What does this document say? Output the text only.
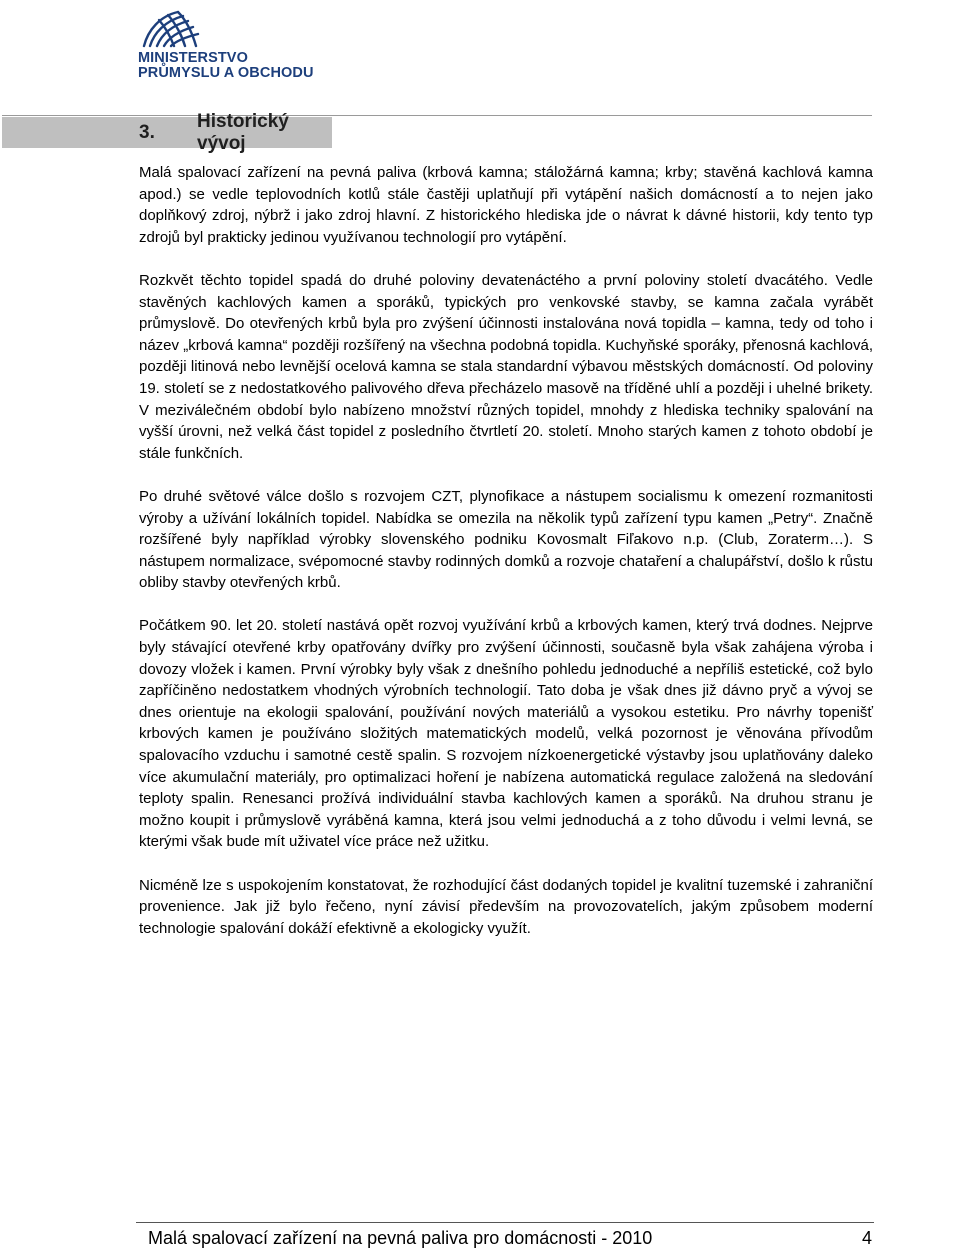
MINISTERSTVO
PRŮMYSLU A OBCHODU
3.
Historický vývoj

Malá spalovací zařízení na pevná paliva (krbová kamna; stáložárná kamna; krby; stavěná kachlová kamna apod.) se vedle teplovodních kotlů stále častěji uplatňují při vytápění našich domácností a to nejen jako doplňkový zdroj, nýbrž i jako zdroj hlavní. Z historického hlediska jde o návrat k dávné historii, kdy tento typ zdrojů byl prakticky jedinou využívanou technologií pro vytápění.

Rozkvět těchto topidel spadá do druhé poloviny devatenáctého a první poloviny století dvacátého. Vedle stavěných kachlových kamen a sporáků, typických pro venkovské stavby, se kamna začala vyrábět průmyslově. Do otevřených krbů byla pro zvýšení účinnosti instalována nová topidla – kamna, tedy od toho i název „krbová kamna“ později rozšířený na všechna podobná topidla. Kuchyňské sporáky, přenosná kachlová, později litinová nebo levnější ocelová kamna se stala standardní výbavou městských domácností. Od poloviny 19. století se z nedostatkového palivového dřeva přecházelo masově na tříděné uhlí a později i uhelné brikety. V meziválečném období bylo nabízeno množství různých topidel, mnohdy z hlediska techniky spalování na vyšší úrovni, než velká část topidel z posledního čtvrtletí 20. století. Mnoho starých kamen z tohoto období je stále funkčních.

Po druhé světové válce došlo s rozvojem CZT, plynofikace a nástupem socialismu k omezení rozmanitosti výroby a užívání lokálních topidel. Nabídka se omezila na několik typů zařízení typu kamen „Petry“. Značně rozšířené byly například výrobky slovenského podniku Kovosmalt Fiľakovo n.p. (Club, Zoraterm…). S nástupem normalizace, svépomocné stavby rodinných domků a rozvoje chataření a chalupářství, došlo k růstu obliby stavby otevřených krbů.

Počátkem 90. let 20. století nastává opět rozvoj využívání krbů a krbových kamen, který trvá dodnes. Nejprve byly stávající otevřené krby opatřovány dvířky pro zvýšení účinnosti, současně byla však zahájena výroba i dovozy vložek i kamen. První výrobky byly však z dnešního pohledu jednoduché a nepříliš estetické, což bylo zapříčiněno nedostatkem vhodných výrobních technologií. Tato doba je však dnes již dávno pryč a vývoj se dnes orientuje na ekologii spalování, používání nových materiálů a vysokou estetiku. Pro návrhy topenišť krbových kamen je používáno složitých matematických modelů, velká pozornost je věnována přívodům spalovacího vzduchu i samotné cestě spalin. S rozvojem nízkoenergetické výstavby jsou uplatňovány daleko více akumulační materiály, pro optimalizaci hoření je nabízena automatická regulace založená na sledování teploty spalin. Renesanci prožívá individuální stavba kachlových kamen a sporáků. Na druhou stranu je možno koupit i průmyslově vyráběná kamna, která jsou velmi jednoduchá a z toho důvodu i velmi levná, se kterými však bude mít uživatel více práce než užitku.

Nicméně lze s uspokojením konstatovat, že rozhodující část dodaných topidel je kvalitní tuzemské i zahraniční provenience. Jak již bylo řečeno, nyní závisí především na provozovatelích, jakým způsobem moderní technologie spalování dokáží efektivně a ekologicky využít.

Malá spalovací zařízení na pevná paliva pro domácnosti - 2010	4
